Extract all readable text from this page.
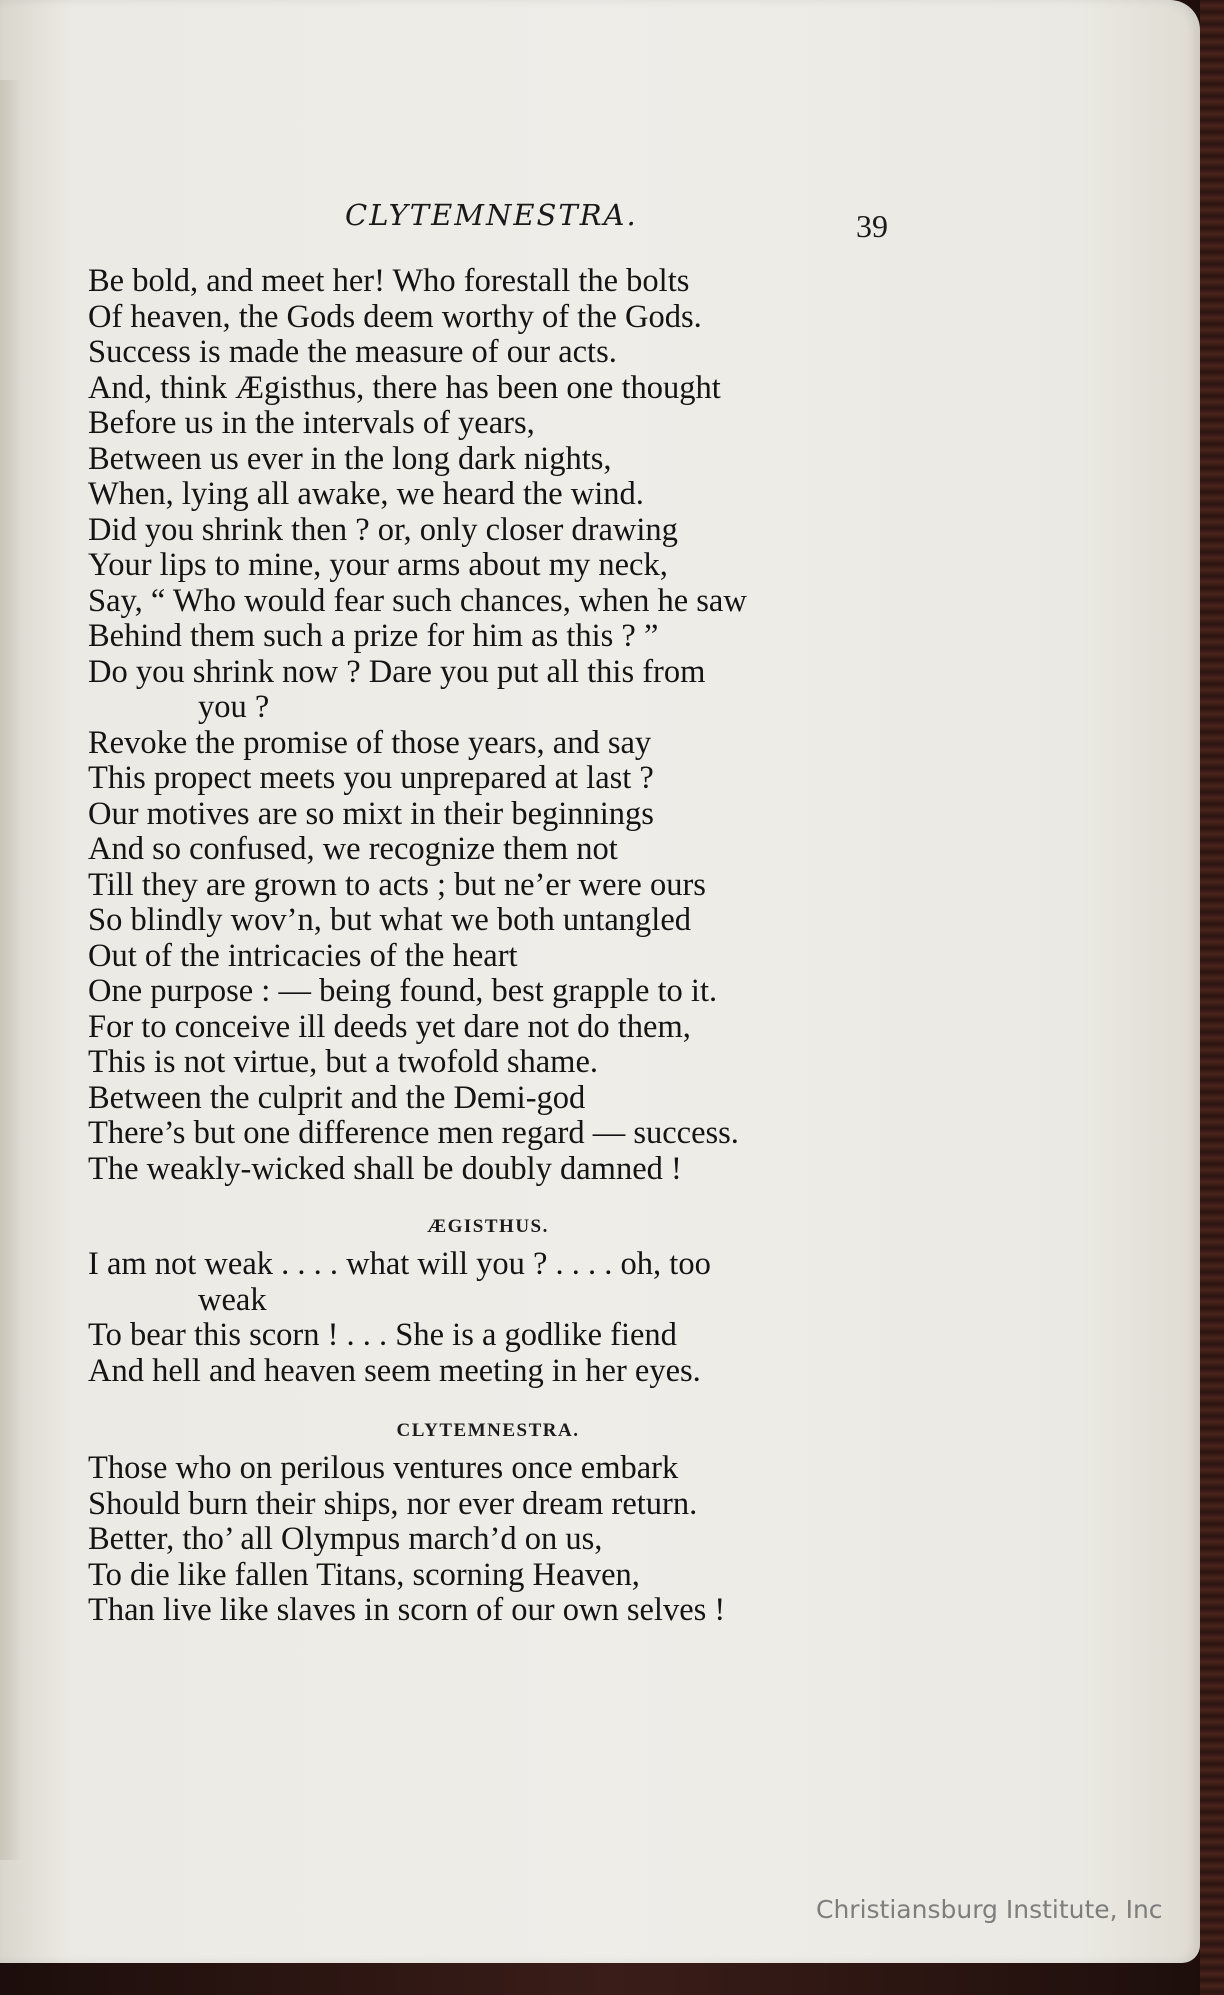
CLYTEMNESTRA.	39
Be bold, and meet her! Who forestall the bolts
Of heaven, the Gods deem worthy of the Gods.
Success is made the measure of our acts.
And, think Ægisthus, there has been one thought
Before us in the intervals of years,
Between us ever in the long dark nights,
When, lying all awake, we heard the wind.
Did you shrink then ? or, only closer drawing
Your lips to mine, your arms about my neck,
Say, “ Who would fear such chances, when he saw
Behind them such a prize for him as this ? ”
Do you shrink now ? Dare you put all this from
you ?
Revoke the promise of those years, and say
This propect meets you unprepared at last ?
Our motives are so mixt in their beginnings
And so confused, we recognize them not
Till they are grown to acts ; but ne’er were ours
So blindly wov’n, but what we both untangled
Out of the intricacies of the heart
One purpose : — being found, best grapple to it.
For to conceive ill deeds yet dare not do them,
This is not virtue, but a twofold shame.
Between the culprit and the Demi-god
There’s but one difference men regard — success.
The weakly-wicked shall be doubly damned !
ÆGISTHUS.
I am not weak . . . . what will you ? . . . . oh, too
weak
To bear this scorn ! . . . She is a godlike fiend
And hell and heaven seem meeting in her eyes.
CLYTEMNESTRA.
Those who on perilous ventures once embark
Should burn their ships, nor ever dream return.
Better, tho’ all Olympus march’d on us,
To die like fallen Titans, scorning Heaven,
Than live like slaves in scorn of our own selves !
Christiansburg Institute, Inc
